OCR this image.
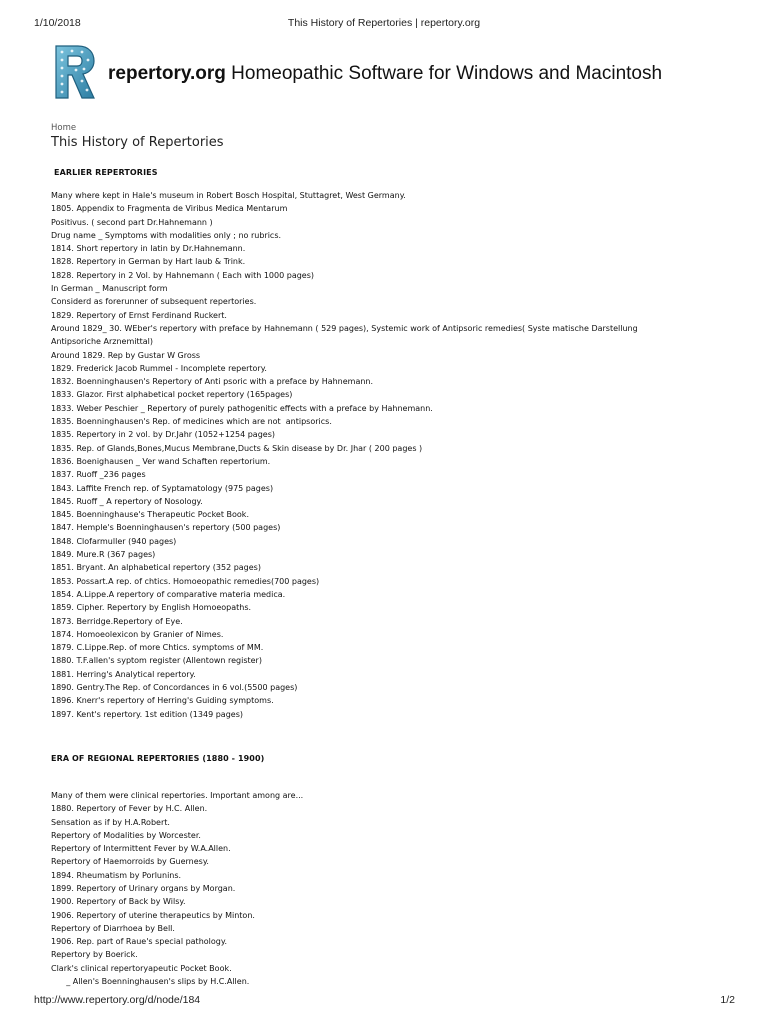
1/10/2018	This History of Repertories | repertory.org
repertory.org Homeopathic Software for Windows and Macintosh
Home
This History of Repertories
EARLIER REPERTORIES
Many where kept in Hale's museum in Robert Bosch Hospital, Stuttagret, West Germany.
1805. Appendix to Fragmenta de Viribus Medica Mentarum
Positivus. ( second part Dr.Hahnemann )
Drug name _ Symptoms with modalities only ; no rubrics.
1814. Short repertory in latin by Dr.Hahnemann.
1828. Repertory in German by Hart laub & Trink.
1828. Repertory in 2 Vol. by Hahnemann ( Each with 1000 pages)
In German _ Manuscript form
Considerd as forerunner of subsequent repertories.
1829. Repertory of Ernst Ferdinand Ruckert.
Around 1829_ 30. WEber's repertory with preface by Hahnemann ( 529 pages), Systemic work of Antipsoric remedies( Syste matische Darstellung
Antipsoriche Arznemittal)
Around 1829. Rep by Gustar W Gross
1829. Frederick Jacob Rummel - Incomplete repertory.
1832. Boenninghausen's Repertory of Anti psoric with a preface by Hahnemann.
1833. Glazor. First alphabetical pocket repertory (165pages)
1833. Weber Peschier _ Repertory of purely pathogenitic effects with a preface by Hahnemann.
1835. Boenninghausen's Rep. of medicines which are not  antipsorics.
1835. Repertory in 2 vol. by Dr.Jahr (1052+1254 pages)
1835. Rep. of Glands,Bones,Mucus Membrane,Ducts & Skin disease by Dr. Jhar ( 200 pages )
1836. Boenighausen _ Ver wand Schaften repertorium.
1837. Ruoff _236 pages
1843. Laffite French rep. of Syptamatology (975 pages)
1845. Ruoff _ A repertory of Nosology.
1845. Boenninghause's Therapeutic Pocket Book.
1847. Hemple's Boenninghausen's repertory (500 pages)
1848. Clofarmuller (940 pages)
1849. Mure.R (367 pages)
1851. Bryant. An alphabetical repertory (352 pages)
1853. Possart.A rep. of chtics. Homoeopathic remedies(700 pages)
1854. A.Lippe.A repertory of comparative materia medica.
1859. Cipher. Repertory by English Homoeopaths.
1873. Berridge.Repertory of Eye.
1874. Homoeolexicon by Granier of Nimes.
1879. C.Lippe.Rep. of more Chtics. symptoms of MM.
1880. T.F.allen's syptom register (Allentown register)
1881. Herring's Analytical repertory.
1890. Gentry.The Rep. of Concordances in 6 vol.(5500 pages)
1896. Knerr's repertory of Herring's Guiding symptoms.
1897. Kent's repertory. 1st edition (1349 pages)
ERA OF REGIONAL REPERTORIES (1880 - 1900)
Many of them were clinical repertories. Important among are...
1880. Repertory of Fever by H.C. Allen.
Sensation as if by H.A.Robert.
Repertory of Modalities by Worcester.
Repertory of Intermittent Fever by W.A.Allen.
Repertory of Haemorroids by Guernesy.
1894. Rheumatism by Porlunins.
1899. Repertory of Urinary organs by Morgan.
1900. Repertory of Back by Wilsy.
1906. Repertory of uterine therapeutics by Minton.
Repertory of Diarrhoea by Bell.
1906. Rep. part of Raue's special pathology.
Repertory by Boerick.
Clark's clinical repertoryapeutic Pocket Book.
_ Allen's Boenninghausen's slips by H.C.Allen.
http://www.repertory.org/d/node/184	1/2
